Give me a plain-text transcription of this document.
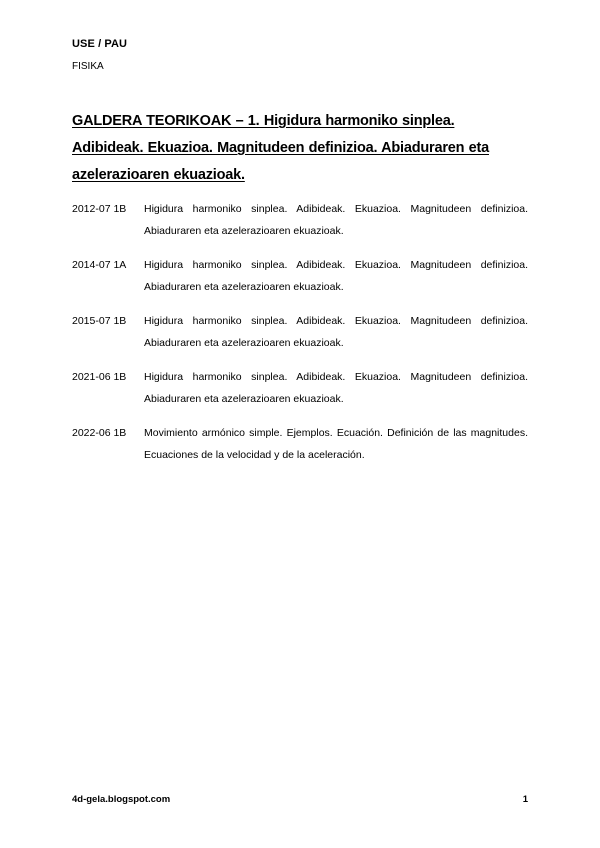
USE / PAU
FISIKA
GALDERA TEORIKOAK – 1. Higidura harmoniko sinplea. Adibideak. Ekuazioa. Magnitudeen definizioa. Abiaduraren eta azelerazioaren ekuazioak.
2012-07 1B	Higidura harmoniko sinplea. Adibideak. Ekuazioa. Magnitudeen definizioa. Abiaduraren eta azelerazioaren ekuazioak.
2014-07 1A	Higidura harmoniko sinplea. Adibideak. Ekuazioa. Magnitudeen definizioa. Abiaduraren eta azelerazioaren ekuazioak.
2015-07 1B	Higidura harmoniko sinplea. Adibideak. Ekuazioa. Magnitudeen definizioa. Abiaduraren eta azelerazioaren ekuazioak.
2021-06 1B	Higidura harmoniko sinplea. Adibideak. Ekuazioa. Magnitudeen definizioa. Abiaduraren eta azelerazioaren ekuazioak.
2022-06 1B	Movimiento armónico simple. Ejemplos. Ecuación. Definición de las magnitudes. Ecuaciones de la velocidad y de la aceleración.
4d-gela.blogspot.com	1
